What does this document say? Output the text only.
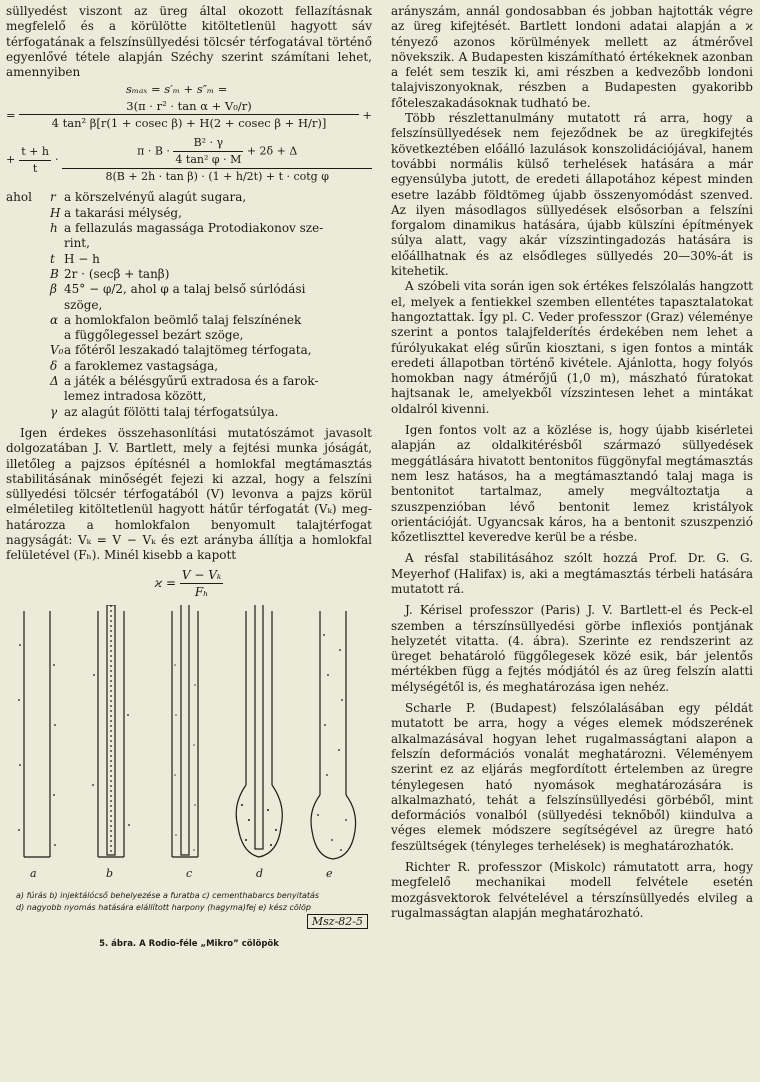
süllyedést viszont az üreg által okozott fellazításnak megfelelő és a körülötte kitöltetlenül hagyott sáv térfogatának a felszínsüllyedési tölcsér térfogatával történő egyenlővé tétele alapján Széchy szerint számítani lehet, amennyiben

sₘₐₓ = s′ₘ + s″ₘ =
= $\frac{\text{3(π · r² · tan α + V₀/r)}}{\text{4 tan² β[r(1 + cosec β) + H(2 + cosec β + H/r)]}}$ +
+ $\frac{t + h}{t}$ ·
$\pi \cdot B \cdot \frac{\text{B² · γ}}{\text{4 tan² φ · M}} + 2\delta + \Delta$
8(B + 2h · tan β) · (1 + h/2t) + t · cotg φ
ahol	r a körszelvényű alagút sugara,
H a takarási mélység,
h a fellazulás magassága Protodiakonov sze-
rint,
t H − h
B 2r · (secβ + tanβ)
β 45° − φ/2, ahol φ a talaj belső súrlódási
szöge,
α a homlokfalon beömlő talaj felszínének
a függőlegessel bezárt szöge,
V₀ a főtéről leszakadó talajtömeg térfogata,
δ a faroklemez vastagsága,
Δ a játék a bélésgyűrű extradosa és a farok-
lemez intradosa között,
γ az alagút fölötti talaj térfogatsúlya.

Igen érdekes összehasonlítási mutatószámot javasolt dolgozatában J. V. Bartlett, mely a fejtési munka jóságát, illetőleg a pajzsos építésnél a homlokfal megtámasztás stabilitásának minőségét fejezi ki azzal, hogy a felszíni süllyedési tölcsér térfogatából (V) levonva a pajzs körül elméletileg kitöltetlenül hagyott hátűr térfogatát (Vₖ) meghatározza a homlokfalon benyomult talajtérfogat nagyságát: Vₖ = V − Vₖ és ezt arányba állítja a homlokfal felületével (Fₕ). Minél kisebb a kapott

$ϰ = \frac{\text{V − Vₖ}}{\text{Fₕ}}$
a	b	c	d	e
a) fúrás b) injektálócső behelyezése a furatba c) cementhabarcs benyitatás
d) nagyobb nyomás hatására elállított harpony (hagyma)fej e) kész cölöp
Msz-82-5
5. ábra. A Rodio-féle „Mikro” cölöpök

arányszám, annál gondosabban és jobban hajtották végre az üreg kifejtését. Bartlett londoni adatai alapján a ϰ tényező azonos körülmények mellett az átmérővel növekszik. A Budapesten kiszámítható értékeknek azonban a felét sem teszik ki, ami részben a kedvezőbb londoni talajviszonyoknak, részben a Budapesten gyakoribb főteleszakadásoknak tudható be.

Több részlettanulmány mutatott rá arra, hogy a felszínsüllyedések nem fejeződnek be az üregkifejtés következtében előálló lazulások konszolidációjával, hanem további normális külső terhelések hatására a már egyensúlyba jutott, de eredeti állapotához képest minden esetre lazább földtömeg újabb összenyomódást szenved. Az ilyen másodlagos süllyedések elsősorban a felszíni forgalom dinamikus hatására, újabb külszíni építmények súlya alatt, vagy akár vízszintingadozás hatására is előállhatnak és az elsődleges süllyedés 20—30%-át is kitehetik.

A szóbeli vita során igen sok értékes felszólalás hangzott el, melyek a fentiekkel szemben ellentétes tapasztalatokat hangoztattak. Így pl. C. Veder professzor (Graz) véleménye szerint a pontos talajfelderítés érdekében nem lehet a fúrólyukakat elég sűrűn kiosztani, s igen fontos a minták eredeti állapotban történő kivétele. Ajánlotta, hogy folyós homokban nagy átmérőjű (1,0 m), mászható fúratokat hajtsanak le, amelyekből vízszintesen lehet a mintákat oldalról kivenni.

Igen fontos volt az a közlése is, hogy újabb kisérletei alapján az oldalkitérésből származó süllyedések meggátlására hivatott bentonitos függönyfal megtámasztás nem lesz hatásos, ha a megtámasztandó talaj maga is bentonitot tartalmaz, amely megváltoztatja a szuszpenzióban lévő bentonit lemez kristályok orientációját. Ugyancsak káros, ha a bentonit szuszpenzió kőzetliszttel keveredve kerül be a résbe.

A résfal stabilitásához szólt hozzá Prof. Dr. G. G. Meyerhof (Halifax) is, aki a megtámasztás térbeli hatására mutatott rá.

J. Kérisel professzor (Paris) J. V. Bartlett-el és Peck-el szemben a térszínsüllyedési görbe inflexiós pontjának helyzetét vitatta. (4. ábra). Szerinte ez rendszerint az üreget behatároló függőlegesek közé esik, bár jelentős mértékben függ a fejtés módjától és az üreg felszín alatti mélységétől is, és meghatározása igen nehéz.

Scharle P. (Budapest) felszólalásában egy példát mutatott be arra, hogy a véges elemek módszerének alkalmazásával hogyan lehet rugalmasságtani alapon a felszín deformációs vonalát meghatározni. Véleményem szerint ez az eljárás megfordított értelemben az üregre ténylegesen ható nyomások meghatározására is alkalmazható, tehát a felszínsüllyedési görbéből, mint deformációs vonalból (süllyedési teknőből) kiindulva a véges elemek módszere segítségével az üregre ható feszültségek (tényleges terhelések) is meghatározhatók.

Richter R. professzor (Miskolc) rámutatott arra, hogy megfelelő mechanikai modell felvétele esetén mozgásvektorok felvételével a térszínsüllyedés elvileg a rugalmasságtan alapján meghatározható.
